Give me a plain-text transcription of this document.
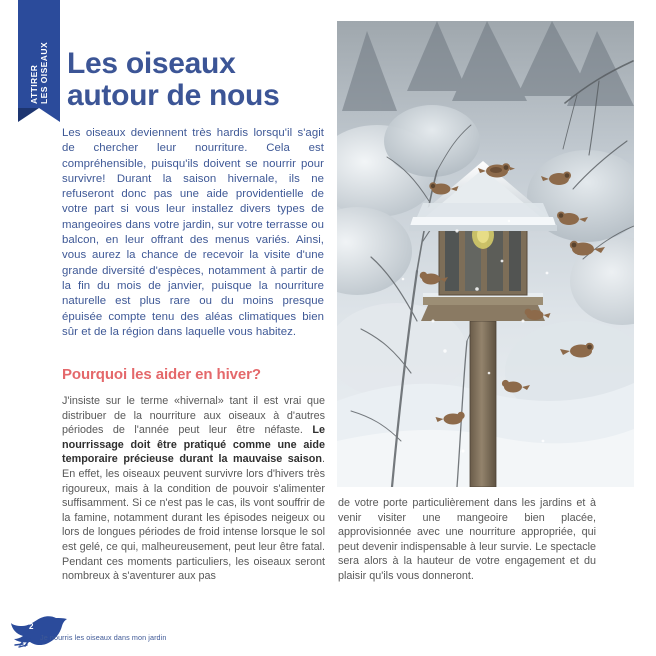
ATTIRER LES OISEAUX Les oiseaux autour de nous

Les oiseaux deviennent très hardis lorsqu'il s'agit de chercher leur nourriture. Cela est compréhensible, puisqu'ils doivent se nourrir pour survivre! Durant la saison hivernale, ils ne refuseront donc pas une aide providentielle de votre part si vous leur installez divers types de mangeoires dans votre jardin, sur votre terrasse ou balcon, en leur offrant des menus variés. Ainsi, vous aurez la chance de recevoir la visite d'une grande diversité d'espèces, notamment à partir de la fin du mois de janvier, puisque la nourriture naturelle est plus rare ou du moins presque épuisée compte tenu des aléas climatiques bien sûr et de la région dans laquelle vous habitez.

Pourquoi les aider en hiver?

J'insiste sur le terme «hivernal» tant il est vrai que distribuer de la nourriture aux oiseaux à d'autres périodes de l'année peut leur être néfaste. Le nourrissage doit être pratiqué comme une aide temporaire précieuse durant la mauvaise saison. En effet, les oiseaux peuvent survivre lors d'hivers très rigoureux, mais à la condition de pouvoir s'alimenter suffisamment. Si ce n'est pas le cas, ils vont souffrir de la famine, notamment durant les épisodes neigeux ou lors de longues périodes de froid intense lorsque le sol est gelé, ce qui, malheureusement, peut leur être fatal. Pendant ces moments particuliers, les oiseaux seront nombreux à s'aventurer aux pas

de votre porte particulièrement dans les jardins et à venir visiter une mangeoire bien placée, approvisionnée avec une nourriture appropriée, qui peut devenir indispensable à leur survie. Le spectacle sera alors à la hauteur de votre engagement et du plaisir qu'ils vous donneront.

2
Je nourris les oiseaux dans mon jardin
